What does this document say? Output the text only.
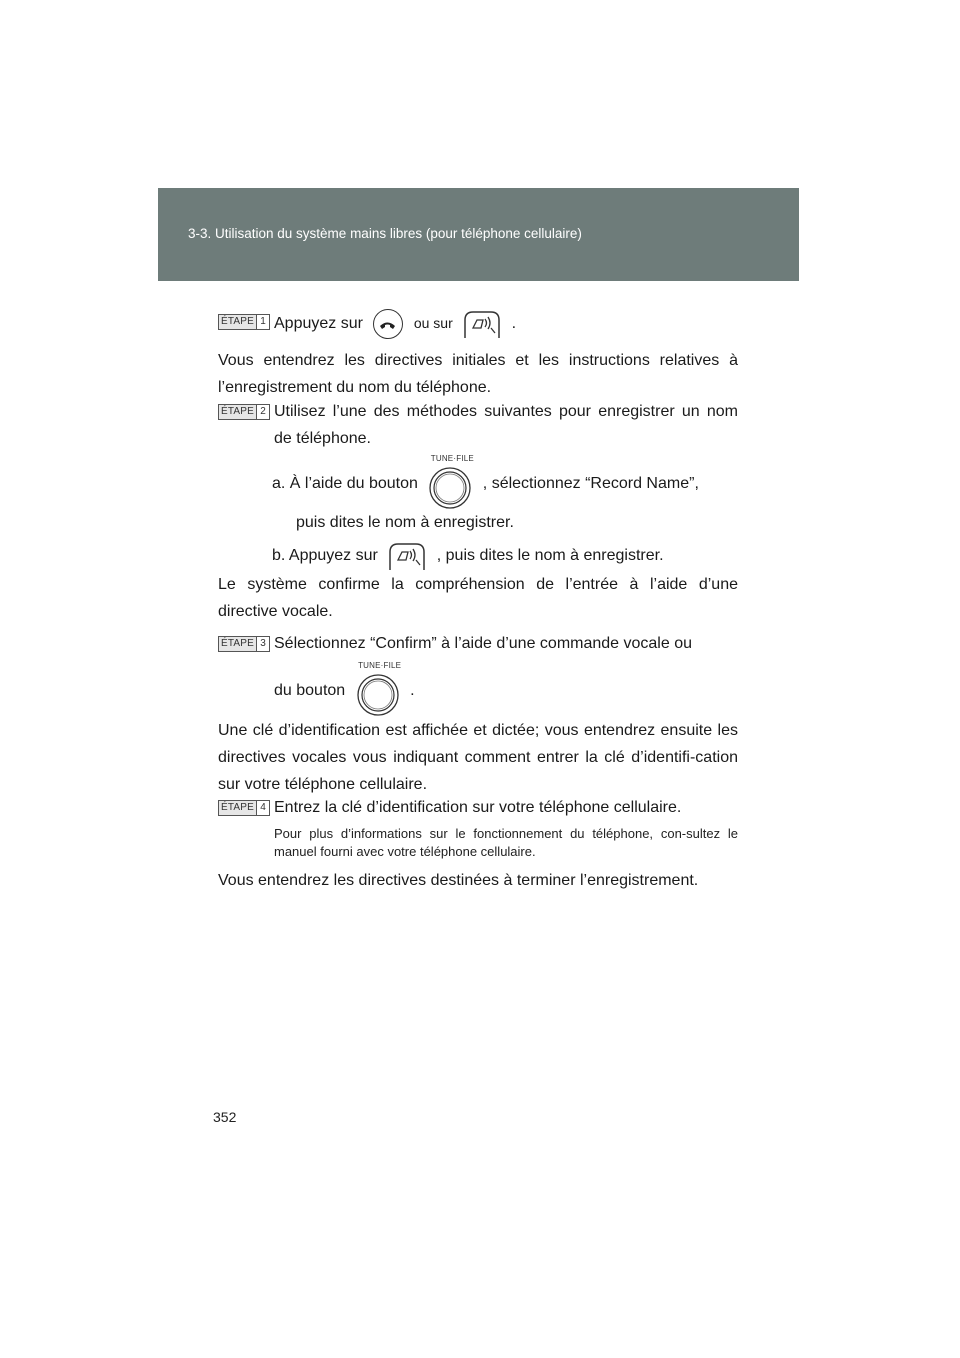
3-3. Utilisation du système mains libres (pour téléphone cellulaire)
ÉTAPE 1 Appuyez sur	ou sur	.
Vous entendrez les directives initiales et les instructions relatives à l’enregistrement du nom du téléphone.
ÉTAPE 2 Utilisez l’une des méthodes suivantes pour enregistrer un nom de téléphone.
a. À l’aide du bouton
TUNE·FILE
, sélectionnez “Record Name”,
puis dites le nom à enregistrer.
b. Appuyez sur	, puis dites le nom à enregistrer.
Le système confirme la compréhension de l’entrée à l’aide d’une directive vocale.
ÉTAPE 3 Sélectionnez “Confirm” à l’aide d’une commande vocale ou
du bouton
TUNE·FILE
.
Une clé d’identification est affichée et dictée; vous entendrez ensuite les directives vocales vous indiquant comment entrer la clé d’identifi-cation sur votre téléphone cellulaire.
ÉTAPE 4 Entrez la clé d’identification sur votre téléphone cellulaire.
Pour plus d’informations sur le fonctionnement du téléphone, con-sultez le manuel fourni avec votre téléphone cellulaire.
Vous entendrez les directives destinées à terminer l’enregistrement.
352
